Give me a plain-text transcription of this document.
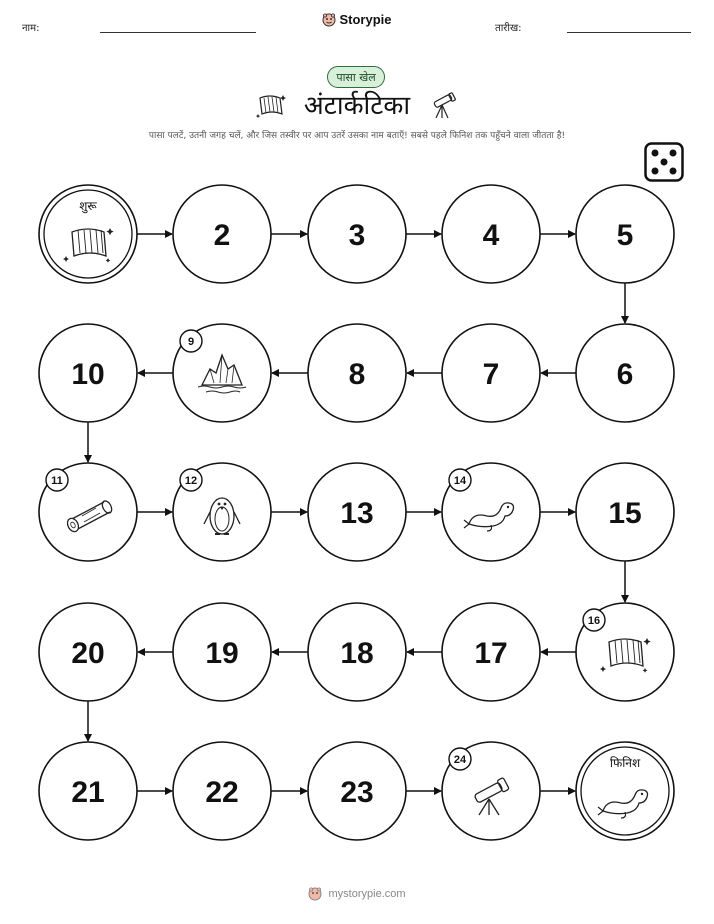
नाम:
Storypie
तारीख:
पासा खेल
अंटार्कटिका
पासा पलटें, उतनी जगह चलें, और जिस तस्वीर पर आप उतरें उसका नाम बताएँ! सबसे पहले फिनिश तक पहुँचने वाला जीतता है!
शुरू
2	3	4	5
6
7
8
9
10
11	12
13
14
15
16
17
18
19
20
21	22	23
24	फिनिश
mystorypie.com
